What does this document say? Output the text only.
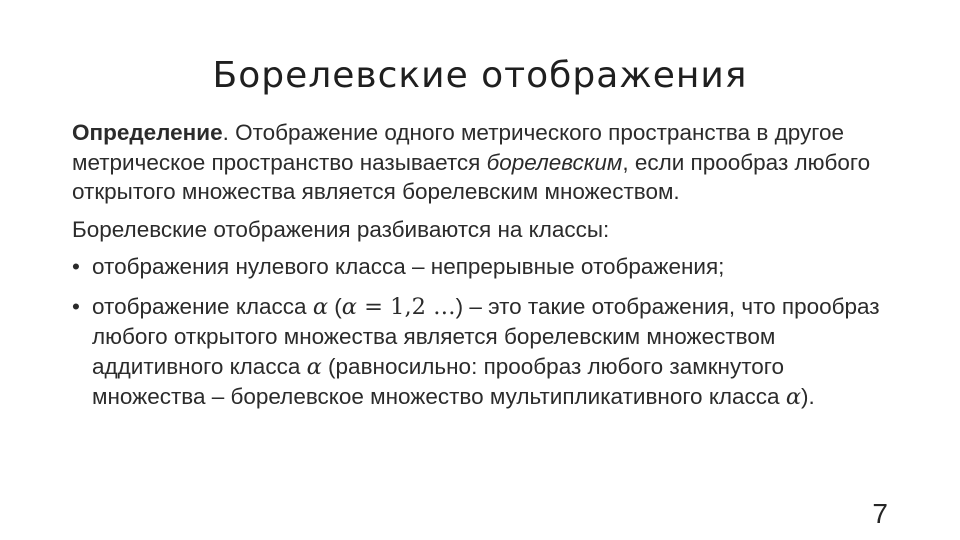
Борелевские отображения

Определение. Отображение одного метрического пространства в другое метрическое пространство называется борелевским, если прообраз любого открытого множества является борелевским множеством.

Борелевские отображения разбиваются на классы:

• отображения нулевого класса – непрерывные отображения;
• отображение класса α (α = 1,2 …) – это такие отображения, что прообраз любого открытого множества является борелевским множеством аддитивного класса α (равносильно: прообраз любого замкнутого множества – борелевское множество мультипликативного класса α).
7
